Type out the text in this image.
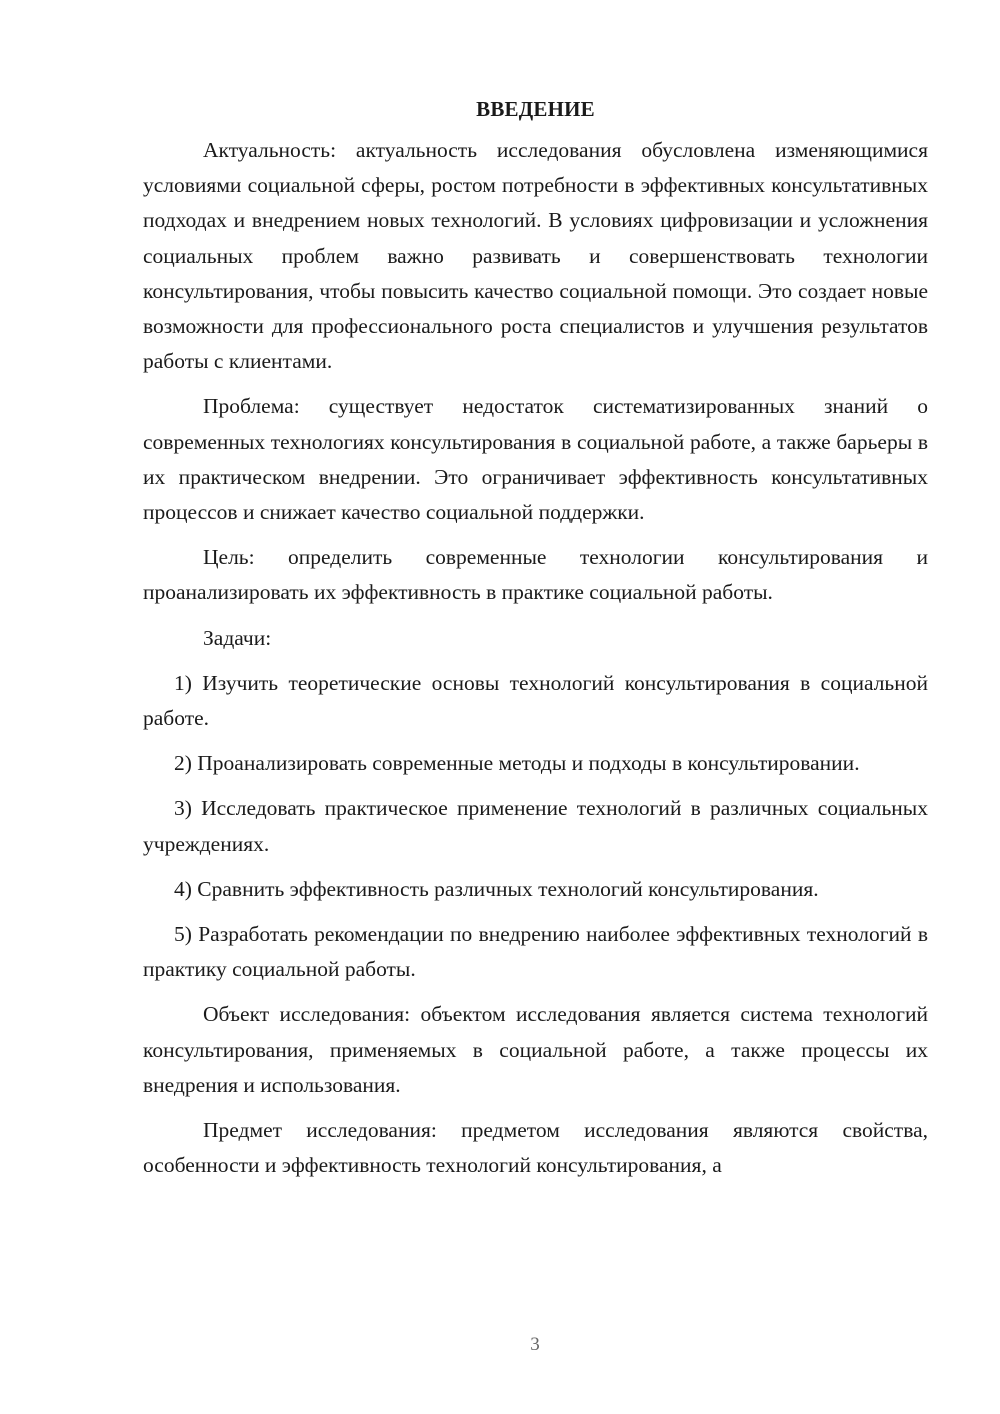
ВВЕДЕНИЕ

Актуальность: актуальность исследования обусловлена изменяющимися условиями социальной сферы, ростом потребности в эффективных консультативных подходах и внедрением новых технологий. В условиях цифровизации и усложнения социальных проблем важно развивать и совершенствовать технологии консультирования, чтобы повысить качество социальной помощи. Это создает новые возможности для профессионального роста специалистов и улучшения результатов работы с клиентами.

Проблема: существует недостаток систематизированных знаний о современных технологиях консультирования в социальной работе, а также барьеры в их практическом внедрении. Это ограничивает эффективность консультативных процессов и снижает качество социальной поддержки.

Цель: определить современные технологии консультирования и проанализировать их эффективность в практике социальной работы.

Задачи:

1) Изучить теоретические основы технологий консультирования в социальной работе.

2) Проанализировать современные методы и подходы в консультировании.

3) Исследовать практическое применение технологий в различных социальных учреждениях.

4) Сравнить эффективность различных технологий консультирования.

5) Разработать рекомендации по внедрению наиболее эффективных технологий в практику социальной работы.

Объект исследования: объектом исследования является система технологий консультирования, применяемых в социальной работе, а также процессы их внедрения и использования.

Предмет исследования: предметом исследования являются свойства, особенности и эффективность технологий консультирования, а

3
